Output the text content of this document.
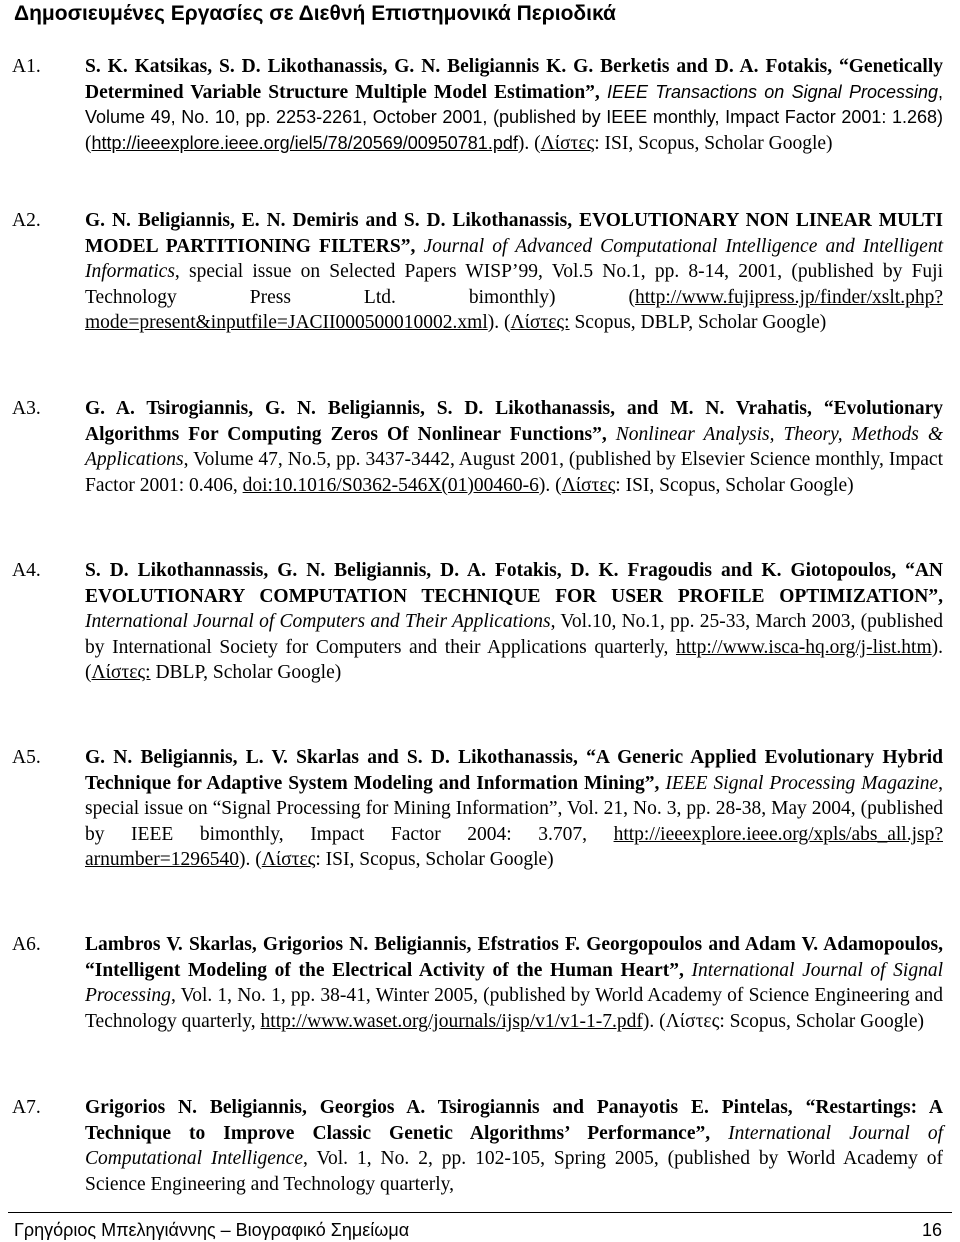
Δημοσιευμένες Εργασίες σε Διεθνή Επιστημονικά Περιοδικά
A1. S. K. Katsikas, S. D. Likothanassis, G. N. Beligiannis K. G. Berketis and D. A. Fotakis, “Genetically Determined Variable Structure Multiple Model Estimation”, IEEE Transactions on Signal Processing, Volume 49, No. 10, pp. 2253-2261, October 2001, (published by IEEE monthly, Impact Factor 2001: 1.268) (http://ieeexplore.ieee.org/iel5/78/20569/00950781.pdf). (Λίστες: ISI, Scopus, Scholar Google)
A2. G. N. Beligiannis, E. N. Demiris and S. D. Likothanassis, EVOLUTIONARY NON LINEAR MULTI MODEL PARTITIONING FILTERS”, Journal of Advanced Computational Intelligence and Intelligent Informatics, special issue on Selected Papers WISP’99, Vol.5 No.1, pp. 8-14, 2001, (published by Fuji Technology Press Ltd. bimonthly) (http://www.fujipress.jp/finder/xslt.php?mode=present&inputfile=JACII000500010002.xml). (Λίστες: Scopus, DBLP, Scholar Google)
A3. G. A. Tsirogiannis, G. N. Beligiannis, S. D. Likothanassis, and M. N. Vrahatis, “Evolutionary Algorithms For Computing Zeros Of Nonlinear Functions”, Nonlinear Analysis, Theory, Methods & Applications, Volume 47, No.5, pp. 3437-3442, August 2001, (published by Elsevier Science monthly, Impact Factor 2001: 0.406, doi:10.1016/S0362-546X(01)00460-6). (Λίστες: ISI, Scopus, Scholar Google)
A4. S. D. Likothannassis, G. N. Beligiannis, D. A. Fotakis, D. K. Fragoudis and K. Giotopoulos, “AN EVOLUTIONARY COMPUTATION TECHNIQUE FOR USER PROFILE OPTIMIZATION”, International Journal of Computers and Their Applications, Vol.10, No.1, pp. 25-33, March 2003, (published by International Society for Computers and their Applications quarterly, http://www.isca-hq.org/j-list.htm). (Λίστες: DBLP, Scholar Google)
A5. G. N. Beligiannis, L. V. Skarlas and S. D. Likothanassis, “A Generic Applied Evolutionary Hybrid Technique for Adaptive System Modeling and Information Mining”, IEEE Signal Processing Magazine, special issue on “Signal Processing for Mining Information”, Vol. 21, No. 3, pp. 28-38, May 2004, (published by IEEE bimonthly, Impact Factor 2004: 3.707, http://ieeexplore.ieee.org/xpls/abs_all.jsp?arnumber=1296540). (Λίστες: ISI, Scopus, Scholar Google)
A6. Lambros V. Skarlas, Grigorios N. Beligiannis, Efstratios F. Georgopoulos and Adam V. Adamopoulos, “Intelligent Modeling of the Electrical Activity of the Human Heart”, International Journal of Signal Processing, Vol. 1, No. 1, pp. 38-41, Winter 2005, (published by World Academy of Science Engineering and Technology quarterly, http://www.waset.org/journals/ijsp/v1/v1-1-7.pdf). (Λίστες: Scopus, Scholar Google)
A7. Grigorios N. Beligiannis, Georgios A. Tsirogiannis and Panayotis E. Pintelas, “Restartings: A Technique to Improve Classic Genetic Algorithms’ Performance”, International Journal of Computational Intelligence, Vol. 1, No. 2, pp. 102-105, Spring 2005, (published by World Academy of Science Engineering and Technology quarterly,
Γρηγόριος Μπεληγιάννης – Βιογραφικό Σημείωμα	16
